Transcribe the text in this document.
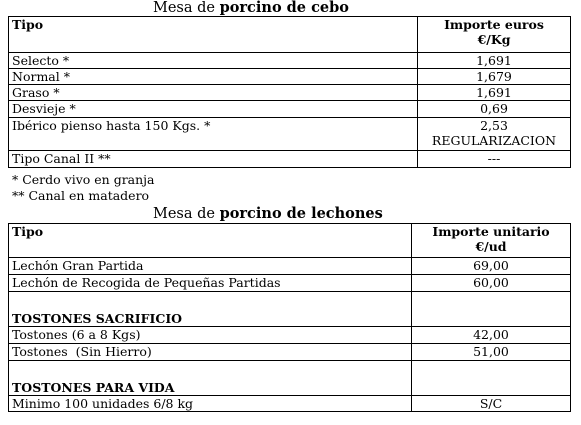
Mesa de porcino de cebo
Tipo	Importe euros
€/Kg

Selecto *	1,691
Normal *	1,679
Graso *	1,691
Desvieje *	0,69
Ibérico pienso hasta 150 Kgs. *	2,53
REGULARIZACION

Tipo Canal II **	---
* Cerdo vivo en granja
** Canal en matadero
Mesa de porcino de lechones
Tipo	Importe unitario
€/ud

Lechón Gran Partida	69,00
Lechón de Recogida de Pequeñas Partidas	60,00
TOSTONES SACRIFICIO	
Tostones (6 a 8 Kgs)	42,00
Tostones  (Sin Hierro)	51,00
TOSTONES PARA VIDA	
Minimo 100 unidades 6/8 kg	S/C
